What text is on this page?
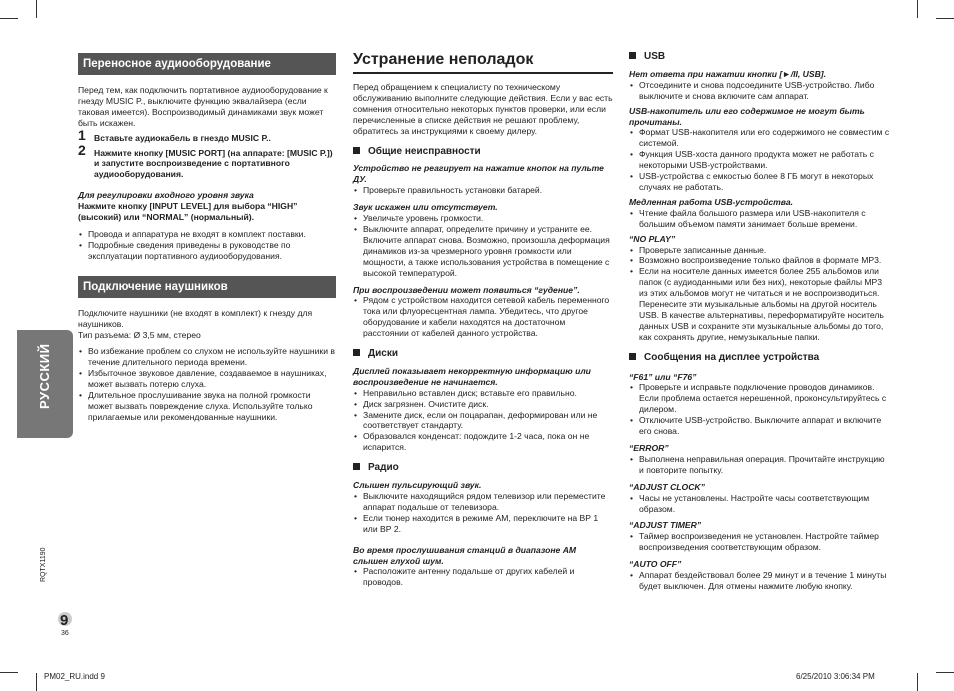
РУССКИЙ
RQTX1190
9
36
Переносное аудиооборудование

Перед тем, как подключить портативное аудиооборудование к гнезду MUSIC P., выключите функцию эквалайзера (если таковая имеется). Воспроизводимый динамиками звук может быть искажен.

1 Вставьте аудиокабель в гнездо MUSIC P..
2 Нажмите кнопку [MUSIC PORT] (на аппарате: [MUSIC P.]) и запустите воспроизведение с портативного аудиооборудования.

Для регулировки входного уровня звука

Нажмите кнопку [INPUT LEVEL] для выбора “HIGH” (высокий) или “NORMAL” (нормальный).

• Провода и аппаратура не входят в комплект поставки.
• Подробные сведения приведены в руководстве по эксплуатации портативного аудиооборудования.
Подключение наушников

Подключите наушники (не входят в комплект) к гнезду для наушников.

Тип разъема: Ø 3,5 мм, стерео

• Во избежание проблем со слухом не используйте наушники в течение длительного периода времени.
• Избыточное звуковое давление, создаваемое в наушниках, может вызвать потерю слуха.
• Длительное прослушивание звука на полной громкости может вызвать повреждение слуха. Используйте только прилагаемые или рекомендованные наушники.
Устранение неполадок

Перед обращением к специалисту по техническому обслуживанию выполните следующие действия. Если у вас есть сомнения относительно некоторых пунктов проверки, или если перечисленные в списке действия не решают проблему, обратитесь за инструкциями к своему дилеру.

Общие неисправности

Устройство не реагирует на нажатие кнопок на пульте ДУ.

• Проверьте правильность установки батарей.

Звук искажен или отсутствует.

• Увеличьте уровень громкости.
• Выключите аппарат, определите причину и устраните ее. Включите аппарат снова. Возможно, произошла деформация динамиков из-за чрезмерного уровня громкости или мощности, а также использования устройства в помещение с высокой температурой.

При воспроизведении может появиться “гудение”.

• Рядом с устройством находится сетевой кабель переменного тока или флуоресцентная лампа. Убедитесь, что другое оборудование и кабели находятся на достаточном расстоянии от кабелей данного устройства.
Диски

Дисплей показывает некорректную информацию или воспроизведение не начинается.

• Неправильно вставлен диск; вставьте его правильно.
• Диск загрязнен. Очистите диск.
• Замените диск, если он поцарапан, деформирован или не соответствует стандарту.
• Образовался конденсат: подождите 1-2 часа, пока он не испарится.
Радио

Слышен пульсирующий звук.

• Выключите находящийся рядом телевизор или переместите аппарат подальше от телевизора.
• Если тюнер находится в режиме AM, переключите на ВР 1 или ВР 2.

Во время прослушивания станций в диапазоне AM слышен глухой шум.

• Расположите антенну подальше от других кабелей и проводов.
USB

Нет ответа при нажатии кнопки [►/II, USB].

• Отсоедините и снова подсоедините USB-устройство. Либо выключите и снова включите сам аппарат.

USB-накопитель или его содержимое не могут быть прочитаны.

• Формат USB-накопителя или его содержимого не совместим с системой.
• Функция USB-хоста данного продукта может не работать с некоторыми USB-устройствами.
• USB-устройства с емкостью более 8 ГБ могут в некоторых случаях не работать.

Медленная работа USB-устройства.

• Чтение файла большого размера или USB-накопителя с большим объемом памяти занимает больше времени.

“NO PLAY”

• Проверьте записанные данные.
• Возможно воспроизведение только файлов в формате MP3.
• Если на носителе данных имеется более 255 альбомов или папок (с аудиоданными или без них), некоторые файлы MP3 из этих альбомов могут не читаться и не воспроизводиться. Перенесите эти музыкальные альбомы на другой носитель USB. В качестве альтернативы, переформатируйте носитель данных USB и сохраните эти музыкальные альбомы до того, как сохранять другие, немузыкальные папки.
Сообщения на дисплее устройства

“F61” или “F76”

• Проверьте и исправьте подключение проводов динамиков.
Если проблема остается нерешенной, проконсультируйтесь с дилером.
• Отключите USB-устройство. Выключите аппарат и включите его снова.

“ERROR”

• Выполнена неправильная операция. Прочитайте инструкцию и повторите попытку.

“ADJUST CLOCK”

• Часы не установлены. Настройте часы соответствующим образом.

“ADJUST TIMER”

• Таймер воспроизведения не установлен. Настройте таймер воспроизведения соответствующим образом.

“AUTO OFF”

• Аппарат бездействовал более 29 минут и в течение 1 минуты будет выключен. Для отмены нажмите любую кнопку.
PM02_RU.indd 9	6/25/2010 3:06:34 PM
